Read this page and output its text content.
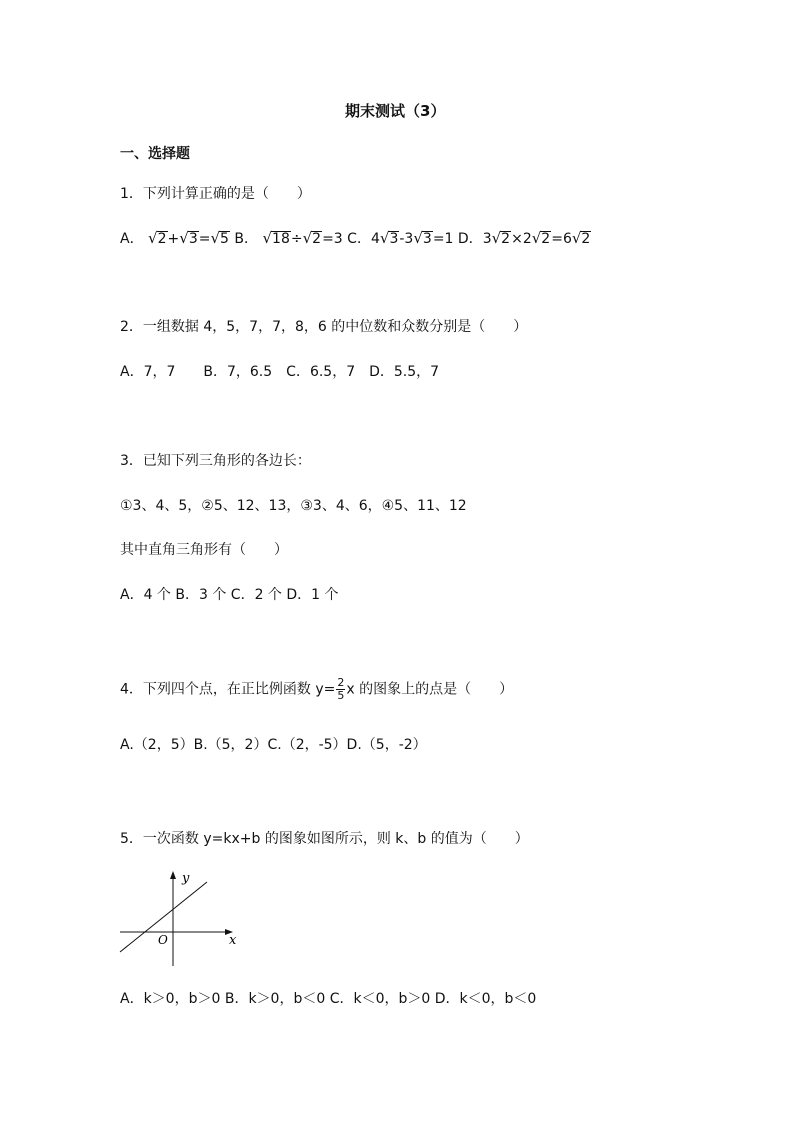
期末测试（3）
一、选择题
1．下列计算正确的是（　　）
A． √2+√3=√5 B． √18÷√2=3 C．4√3-3√3=1 D．3√2×2√2=6√2
2．一组数据 4，5，7，7，8，6 的中位数和众数分别是（　　）
A．7，7　　B．7，6.5　C．6.5，7　D．5.5，7
3．已知下列三角形的各边长：
①3、4、5，②5、12、13，③3、4、6，④5、11、12
其中直角三角形有（　　）
A．4 个 B．3 个 C．2 个 D．1 个
4．下列四个点，在正比例函数 $y= \frac{2}{5}$ x 的图象上的点是（　　）
A.（2，5）B.（5，2）C.（2，-5）D.（5，-2）
5．一次函数 y=kx+b 的图象如图所示，则 k、b 的值为（　　）
y
x
O
A．k＞0，b＞0 B．k＞0，b＜0 C．k＜0，b＞0 D．k＜0，b＜0
